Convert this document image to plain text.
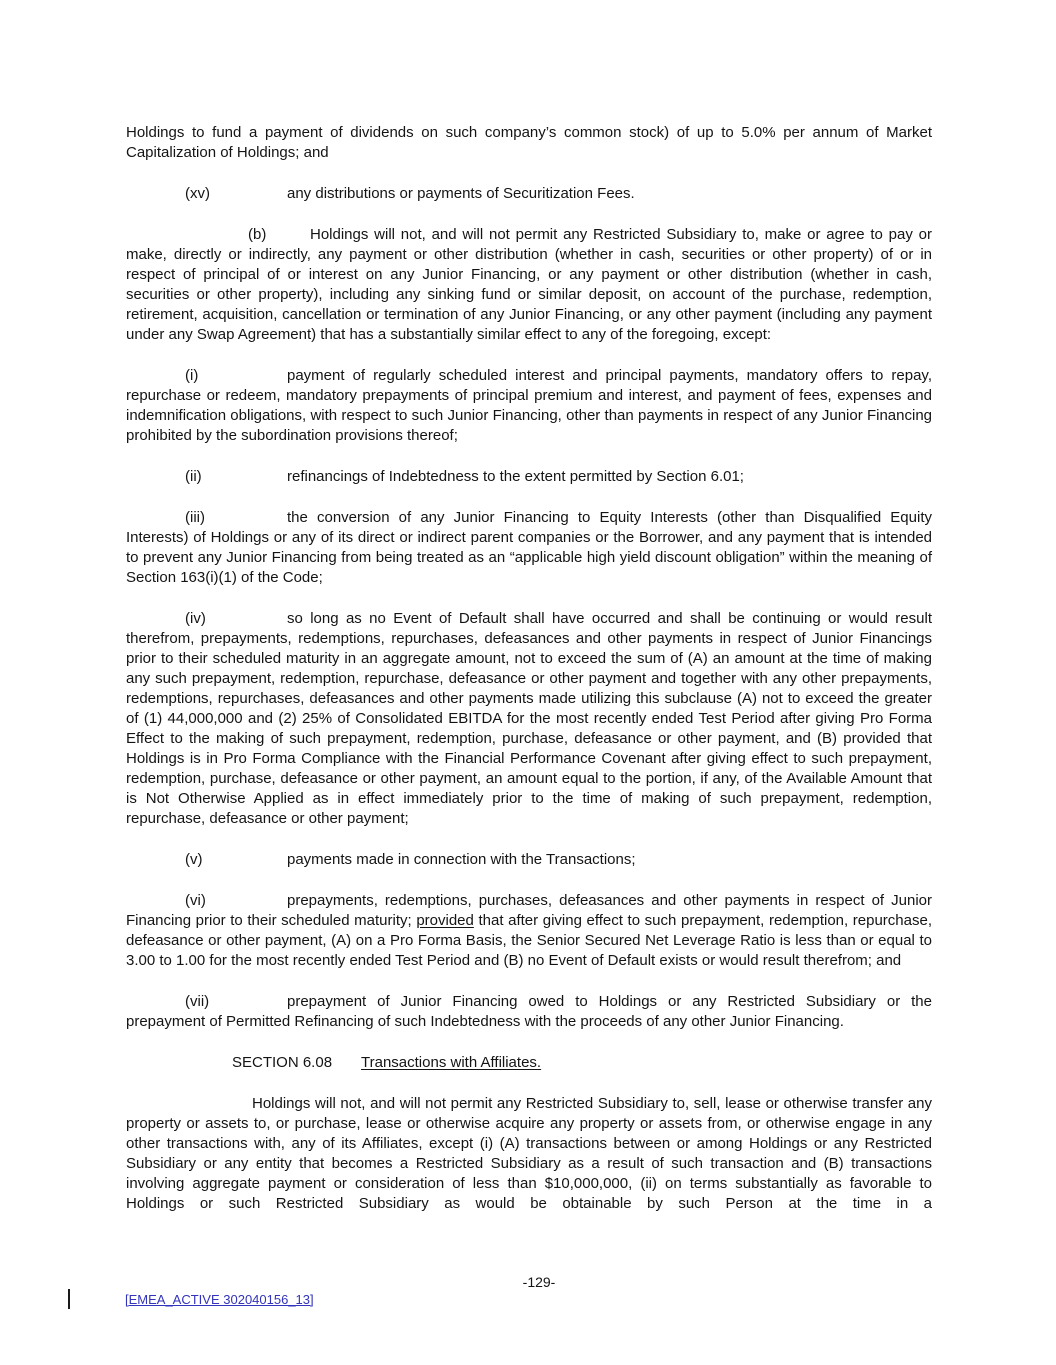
Holdings to fund a payment of dividends on such company’s common stock) of up to 5.0% per annum of Market Capitalization of Holdings; and

(xv)	any distributions or payments of Securitization Fees.

(b)	Holdings will not, and will not permit any Restricted Subsidiary to, make or agree to pay or make, directly or indirectly, any payment or other distribution (whether in cash, securities or other property) of or in respect of principal of or interest on any Junior Financing, or any payment or other distribution (whether in cash, securities or other property), including any sinking fund or similar deposit, on account of the purchase, redemption, retirement, acquisition, cancellation or termination of any Junior Financing, or any other payment (including any payment under any Swap Agreement) that has a substantially similar effect to any of the foregoing, except:

(i)	payment of regularly scheduled interest and principal payments, mandatory offers to repay, repurchase or redeem, mandatory prepayments of principal premium and interest, and payment of fees, expenses and indemnification obligations, with respect to such Junior Financing, other than payments in respect of any Junior Financing prohibited by the subordination provisions thereof;

(ii)	refinancings of Indebtedness to the extent permitted by Section 6.01;

(iii)	the conversion of any Junior Financing to Equity Interests (other than Disqualified Equity Interests) of Holdings or any of its direct or indirect parent companies or the Borrower, and any payment that is intended to prevent any Junior Financing from being treated as an “applicable high yield discount obligation” within the meaning of Section 163(i)(1) of the Code;

(iv)	so long as no Event of Default shall have occurred and shall be continuing or would result therefrom, prepayments, redemptions, repurchases, defeasances and other payments in respect of Junior Financings prior to their scheduled maturity in an aggregate amount, not to exceed the sum of (A) an amount at the time of making any such prepayment, redemption, repurchase, defeasance or other payment and together with any other prepayments, redemptions, repurchases, defeasances and other payments made utilizing this subclause (A) not to exceed the greater of (1) 44,000,000 and (2) 25% of Consolidated EBITDA for the most recently ended Test Period after giving Pro Forma Effect to the making of such prepayment, redemption, purchase, defeasance or other payment, and (B) provided that Holdings is in Pro Forma Compliance with the Financial Performance Covenant after giving effect to such prepayment, redemption, purchase, defeasance or other payment, an amount equal to the portion, if any, of the Available Amount that is Not Otherwise Applied as in effect immediately prior to the time of making of such prepayment, redemption, repurchase, defeasance or other payment;

(v)	payments made in connection with the Transactions;

(vi)	prepayments, redemptions, purchases, defeasances and other payments in respect of Junior Financing prior to their scheduled maturity; provided that after giving effect to such prepayment, redemption, repurchase, defeasance or other payment, (A) on a Pro Forma Basis, the Senior Secured Net Leverage Ratio is less than or equal to 3.00 to 1.00 for the most recently ended Test Period and (B) no Event of Default exists or would result therefrom; and

(vii)	prepayment of Junior Financing owed to Holdings or any Restricted Subsidiary or the prepayment of Permitted Refinancing of such Indebtedness with the proceeds of any other Junior Financing.

SECTION 6.08 Transactions with Affiliates.

Holdings will not, and will not permit any Restricted Subsidiary to, sell, lease or otherwise transfer any property or assets to, or purchase, lease or otherwise acquire any property or assets from, or otherwise engage in any other transactions with, any of its Affiliates, except (i) (A) transactions between or among Holdings or any Restricted Subsidiary or any entity that becomes a Restricted Subsidiary as a result of such transaction and (B) transactions involving aggregate payment or consideration of less than $10,000,000, (ii) on terms substantially as favorable to Holdings or such Restricted Subsidiary as would be obtainable by such Person at the time in a

-129-
[EMEA_ACTIVE 302040156_13]
